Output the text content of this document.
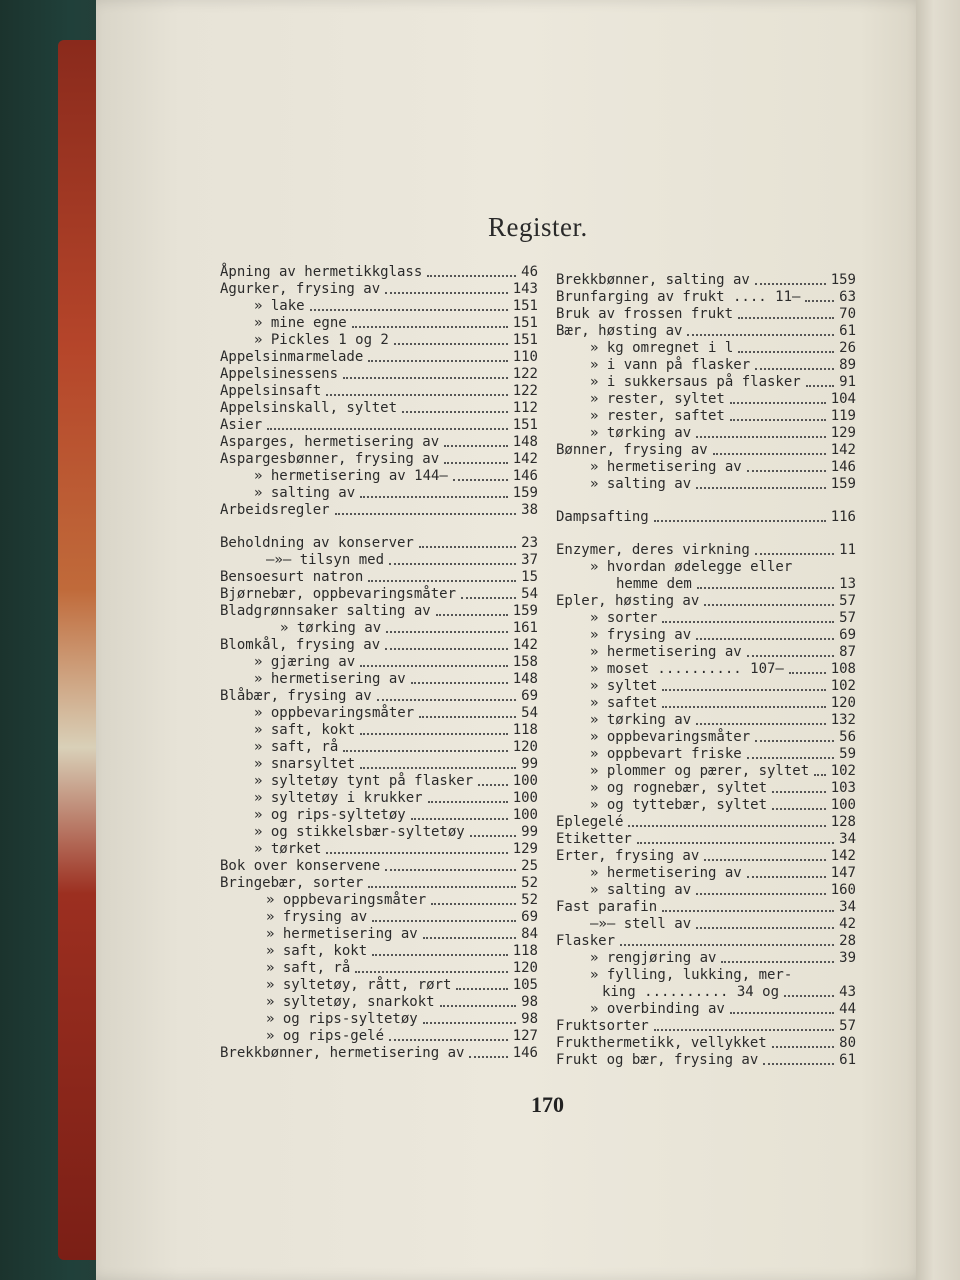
Register.
Åpning av hermetikkglass	46
Agurker, frysing av	143
» lake	151
» mine egne	151
» Pickles 1 og 2	151
Appelsinmarmelade	110
Appelsinessens	122
Appelsinsaft	122
Appelsinskall, syltet	112
Asier	151
Asparges, hermetisering av	148
Aspargesbønner, frysing av	142
» hermetisering av 144—	146
» salting av	159
Arbeidsregler	38
Beholdning av konserver	23
—»— tilsyn med	37
Bensoesurt natron	15
Bjørnebær, oppbevaringsmåter	54
Bladgrønnsaker salting av	159
» tørking av	161
Blomkål, frysing av	142
» gjæring av	158
» hermetisering av	148
Blåbær, frysing av	69
» oppbevaringsmåter	54
» saft, kokt	118
» saft, rå	120
» snarsyltet	99
» syltetøy tynt på flasker	100
» syltetøy i krukker	100
» og rips-syltetøy	100
» og stikkelsbær-syltetøy	99
» tørket	129
Bok over konservene	25
Bringebær, sorter	52
» oppbevaringsmåter	52
» frysing av	69
» hermetisering av	84
» saft, kokt	118
» saft, rå	120
» syltetøy, rått, rørt	105
» syltetøy, snarkokt	98
» og rips-syltetøy	98
» og rips-gelé	127
Brekkbønner, hermetisering av	146
Brekkbønner, salting av	159
Brunfarging av frukt .... 11—	63
Bruk av frossen frukt	70
Bær, høsting av	61
» kg omregnet i l	26
» i vann på flasker	89
» i sukkersaus på flasker	91
» rester, syltet	104
» rester, saftet	119
» tørking av	129
Bønner, frysing av	142
» hermetisering av	146
» salting av	159
Dampsafting	116
Enzymer, deres virkning	11
» hvordan ødelegge eller
hemme dem	13
Epler, høsting av	57
» sorter	57
» frysing av	69
» hermetisering av	87
» moset .......... 107—	108
» syltet	102
» saftet	120
» tørking av	132
» oppbevaringsmåter	56
» oppbevart friske	59
» plommer og pærer, syltet 102
» og rognebær, syltet	103
» og tyttebær, syltet	100
Eplegelé	128
Etiketter	34
Erter, frysing av	142
» hermetisering av	147
» salting av	160
Fast parafin	34
—»— stell av	42
Flasker	28
» rengjøring av	39
» fylling, lukking, mer-
king .......... 34 og	43
» overbinding av	44
Fruktsorter	57
Frukthermetikk, vellykket	80
Frukt og bær, frysing av	61
170
